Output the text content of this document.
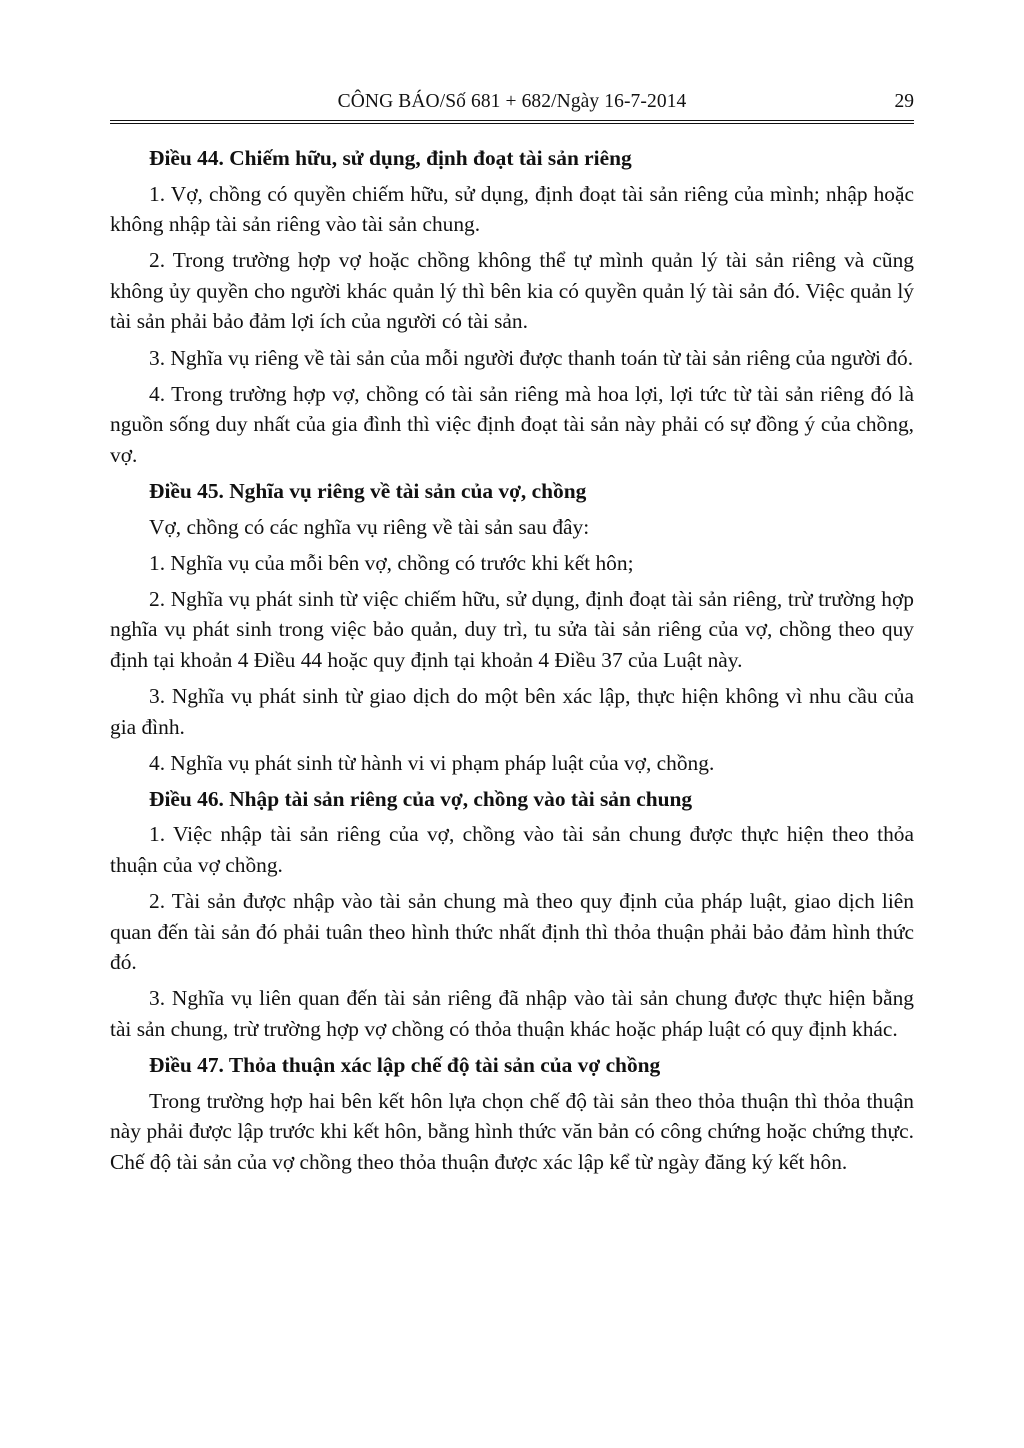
CÔNG BÁO/Số 681 + 682/Ngày 16-7-2014	29

Điều 44. Chiếm hữu, sử dụng, định đoạt tài sản riêng

1. Vợ, chồng có quyền chiếm hữu, sử dụng, định đoạt tài sản riêng của mình; nhập hoặc không nhập tài sản riêng vào tài sản chung.

2. Trong trường hợp vợ hoặc chồng không thể tự mình quản lý tài sản riêng và cũng không ủy quyền cho người khác quản lý thì bên kia có quyền quản lý tài sản đó. Việc quản lý tài sản phải bảo đảm lợi ích của người có tài sản.

3. Nghĩa vụ riêng về tài sản của mỗi người được thanh toán từ tài sản riêng của người đó.

4. Trong trường hợp vợ, chồng có tài sản riêng mà hoa lợi, lợi tức từ tài sản riêng đó là nguồn sống duy nhất của gia đình thì việc định đoạt tài sản này phải có sự đồng ý của chồng, vợ.

Điều 45. Nghĩa vụ riêng về tài sản của vợ, chồng

Vợ, chồng có các nghĩa vụ riêng về tài sản sau đây:

1. Nghĩa vụ của mỗi bên vợ, chồng có trước khi kết hôn;

2. Nghĩa vụ phát sinh từ việc chiếm hữu, sử dụng, định đoạt tài sản riêng, trừ trường hợp nghĩa vụ phát sinh trong việc bảo quản, duy trì, tu sửa tài sản riêng của vợ, chồng theo quy định tại khoản 4 Điều 44 hoặc quy định tại khoản 4 Điều 37 của Luật này.

3. Nghĩa vụ phát sinh từ giao dịch do một bên xác lập, thực hiện không vì nhu cầu của gia đình.

4. Nghĩa vụ phát sinh từ hành vi vi phạm pháp luật của vợ, chồng.

Điều 46. Nhập tài sản riêng của vợ, chồng vào tài sản chung

1. Việc nhập tài sản riêng của vợ, chồng vào tài sản chung được thực hiện theo thỏa thuận của vợ chồng.

2. Tài sản được nhập vào tài sản chung mà theo quy định của pháp luật, giao dịch liên quan đến tài sản đó phải tuân theo hình thức nhất định thì thỏa thuận phải bảo đảm hình thức đó.

3. Nghĩa vụ liên quan đến tài sản riêng đã nhập vào tài sản chung được thực hiện bằng tài sản chung, trừ trường hợp vợ chồng có thỏa thuận khác hoặc pháp luật có quy định khác.

Điều 47. Thỏa thuận xác lập chế độ tài sản của vợ chồng

Trong trường hợp hai bên kết hôn lựa chọn chế độ tài sản theo thỏa thuận thì thỏa thuận này phải được lập trước khi kết hôn, bằng hình thức văn bản có công chứng hoặc chứng thực. Chế độ tài sản của vợ chồng theo thỏa thuận được xác lập kể từ ngày đăng ký kết hôn.
